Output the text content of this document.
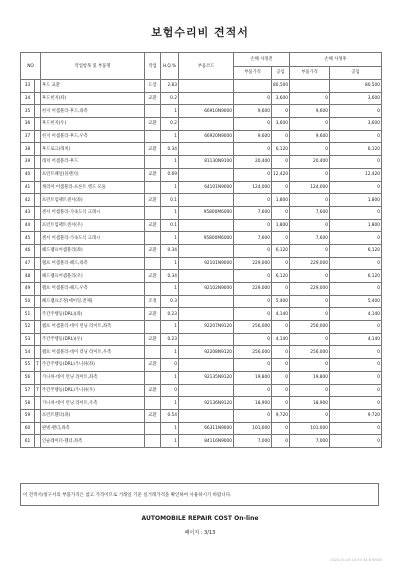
보험수리비 견적서
NO		작업항목 및 부품명	작업	H.Q.%	부품코드	손해 사정전		손해 사정후	
						부품가격	공임	부품가격	공임
33		후드 교환	도장	2.83			80,500		80,500
34		후드힌지(좌)	교환	0.2		0	3,600	0	3,600
35		힌지 어셈블리-후드,좌측		1	66910N9000	9,600	0	9,600	0
36		후드힌지(우)	교환	0.2		0	3,600	0	3,600
37		힌지 어셈블리-후드,우측		1	66920N9000	9,600	0	9,600	0
38		후드로크(래치)	교환	0.34		0	6,120	0	6,120
39		래치 어셈블리-후드		1	81130N9100	20,400	0	20,400	0
40		프런트패널(플랜지)	교환	0.69		0	12,420	0	12,420
41		캐리어 어셈블리-프론트 엔드 모듈		1	64101N9000	124,000	0	124,000	0
42		프런트임팩트센서(좌)	교환	0.1		0	1,800	0	1,800
43		센서 어셈블리-가속도식 크래시		1	95800M6000	7,600	0	7,600	0
44		프런트임팩트센서(우)	교환	0.1		0	1,800	0	1,800
45		센서 어셈블리-가속도식 크래시		1	95800M6000	7,600	0	7,600	0
46		헤드램프어셈블리(좌)	교환	0.34		0	6,120	0	6,120
47		램프 어셈블리-헤드,좌측		1	92101N9000	229,000	0	229,000	0
48		헤드램프어셈블리(우)	교환	0.34		0	6,120	0	6,120
49		램프 어셈블리-헤드,우측		1	92102N9000	229,000	0	229,000	0
50		헤드램프조정(에이밍,전체)	조정	0.3		0	5,400	0	5,400
51		주간주행등(DRL)(좌)	교환	0.23		0	4,140	0	4,140
52		램프 어셈블리-데이 런닝 라이트,좌측		1	92207N9120	256,000	0	256,000	0
53		주간주행등(DRL)(우)	교환	0.23		0	4,140	0	4,140
54		램프 어셈블리-데이 러닝 라이트,우측		1	92208N9120	256,000	0	256,000	0
55	T	주간주행등(DRL)가니쉬(좌)	교환	0		0	0	0	0
56		가니쉬-데이 런닝 라이트,좌측		1	92135N9120	19,800	0	19,800	0
57	T	주간주행등(DRL)가니쉬(우)	교환	0		0	0	0	0
58		가니쉬-데이 런닝 라이트,우측		1	92136N9120	18,900	0	18,900	0
59		프런트휀더(좌)	교환	0.54		0	9,720	0	9,720
60		판넬-펜더,좌측		1	66311N9000	101,000	0	101,000	0
61		인슐레이터-휀더,좌측		1	84116N9000	7,000	0	7,000	0
이 견적서/청구서의 부품가격은 참고 가격이므로 거래일 기준 실거래가격을 확인하여 사용하시기 바랍니다.
AUTOMOBILE REPAIR COST On-line
페이지 : 3/13
2024-01-05 14:57:34 870000
